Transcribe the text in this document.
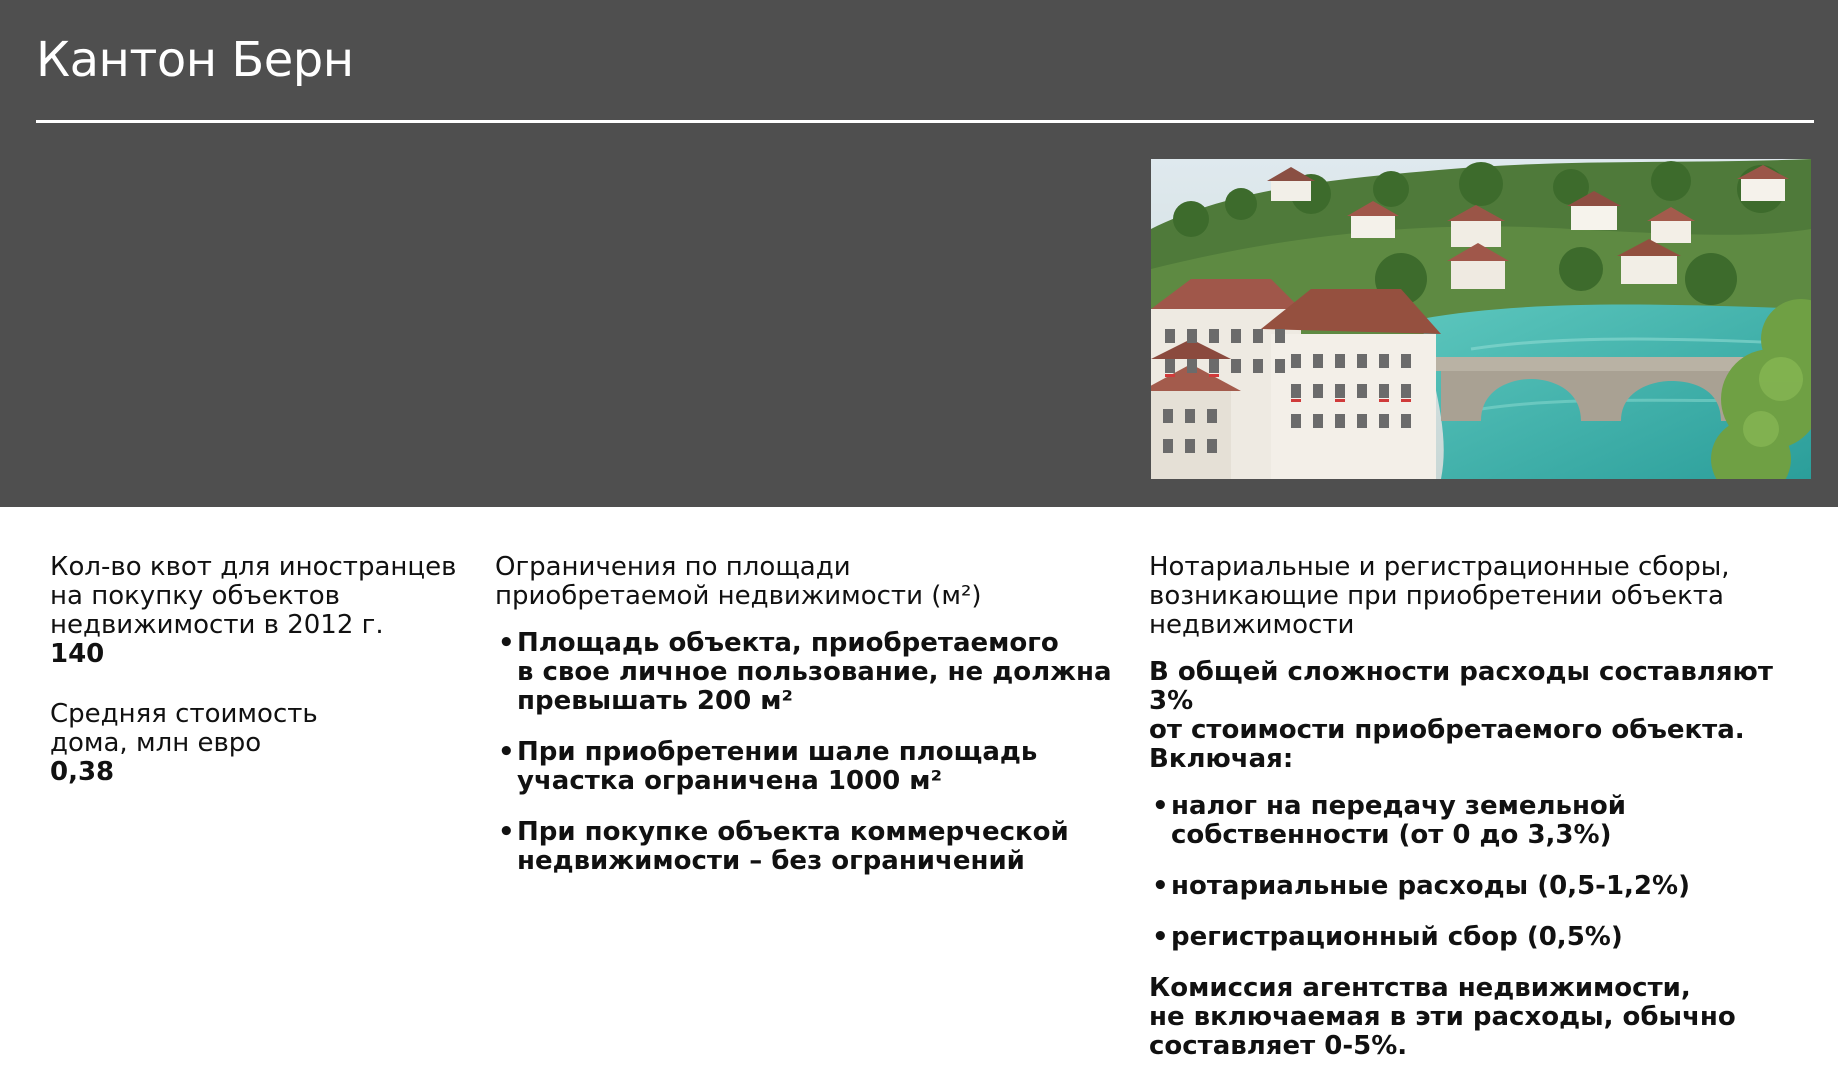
Кантон Берн
Кол-во квот для иностранцев
на покупку объектов
недвижимости в 2012 г.
140
Средняя стоимость
дома, млн евро
0,38
Ограничения по площади
приобретаемой недвижимости (м²)
• Площадь объекта, приобретаемого
в свое личное пользование, не должна
превышать 200 м²
• При приобретении шале площадь
участка ограничена 1000 м²
• При покупке объекта коммерческой
недвижимости – без ограничений
Нотариальные и регистрационные сборы,
возникающие при приобретении объекта
недвижимости
В общей сложности расходы составляют 3%
от стоимости приобретаемого объекта.
Включая:
• налог на передачу земельной
собственности (от 0 до 3,3%)
• нотариальные расходы (0,5-1,2%)
• регистрационный сбор (0,5%)
Комиссия агентства недвижимости,
не включаемая в эти расходы, обычно
составляет 0-5%.
